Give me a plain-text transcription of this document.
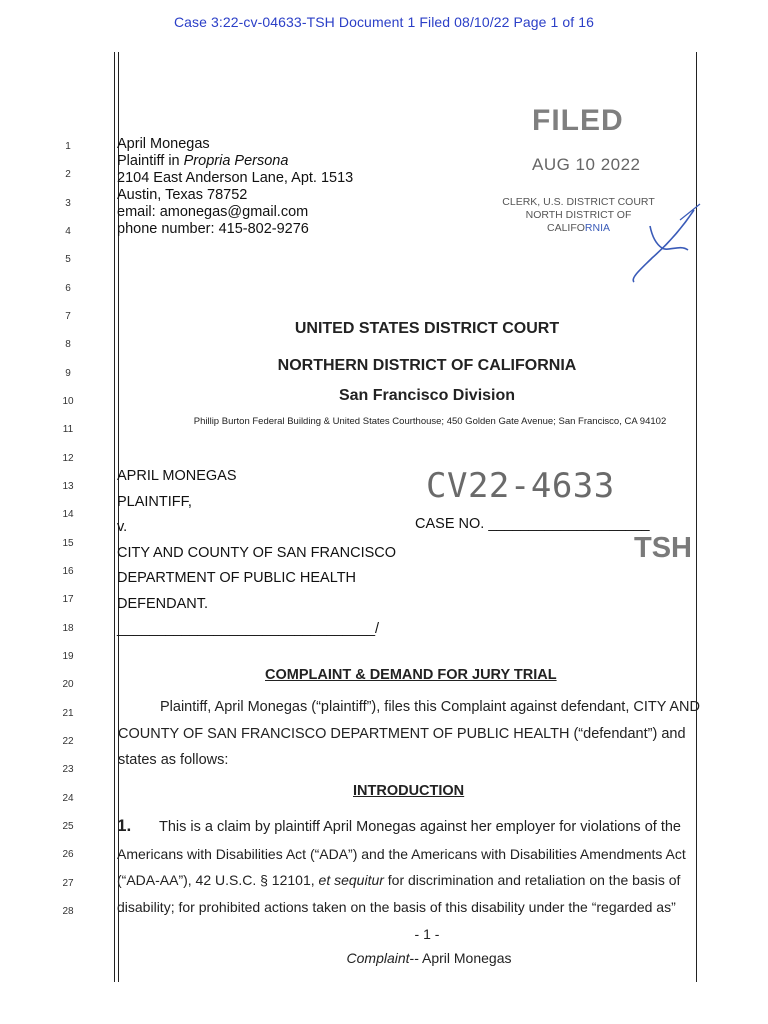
Case 3:22-cv-04633-TSH Document 1 Filed 08/10/22 Page 1 of 16
1
2
3
4
5
6
7
8
9
10
11
12
13
14
15
16
17
18
19
20
21
22
23
24
25
26
27
28
April Monegas
Plaintiff in Propria Persona
2104 East Anderson Lane, Apt. 1513
Austin, Texas 78752
email: amonegas@gmail.com
phone number: 415-802-9276
FILED
AUG 10 2022
CLERK, U.S. DISTRICT COURT
NORTH DISTRICT OF CALIFORNIA
UNITED STATES DISTRICT COURT
NORTHERN DISTRICT OF CALIFORNIA
San Francisco Division
Phillip Burton Federal Building & United States Courthouse; 450 Golden Gate Avenue; San Francisco, CA 94102
APRIL MONEGAS
PLAINTIFF,
v.
CITY AND COUNTY OF SAN FRANCISCO
DEPARTMENT OF PUBLIC HEALTH
DEFENDANT.
________________________________/
CV22-4633
CASE NO. ____________________
TSH
COMPLAINT & DEMAND FOR JURY TRIAL
Plaintiff, April Monegas (“plaintiff”), files this Complaint against defendant, CITY AND
COUNTY OF SAN FRANCISCO DEPARTMENT OF PUBLIC HEALTH (“defendant”) and
states as follows:
INTRODUCTION
1. This is a claim by plaintiff April Monegas against her employer for violations of the
Americans with Disabilities Act (“ADA”) and the Americans with Disabilities Amendments Act
(“ADA-AA”), 42 U.S.C. § 12101, et sequitur for discrimination and retaliation on the basis of
disability; for prohibited actions taken on the basis of this disability under the “regarded as”
- 1 -
Complaint-- April Monegas
